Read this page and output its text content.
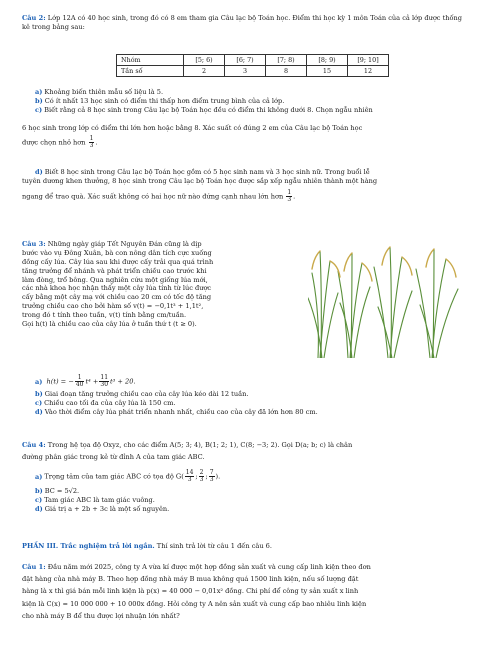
Câu 2: Lớp 12A có 40 học sinh, trong đó có 8 em tham gia Câu lạc bộ Toán học. Điểm thi học kỳ 1 môn Toán của cả lớp được thống kê trong bảng sau:

Nhóm	[5; 6)	[6; 7)	[7; 8)	[8; 9)	[9; 10]
Tần số	2	3	8	15	12

a) Khoảng biến thiên mẫu số liệu là 5.

b) Có ít nhất 13 học sinh có điểm thi thấp hơn điểm trung bình của cả lớp.

c) Biết rằng cả 8 học sinh trong Câu lạc bộ Toán học đều có điểm thi không dưới 8. Chọn ngẫu nhiên

6 học sinh trong lớp có điểm thi lớn hơn hoặc bằng 8. Xác suất có đúng 2 em của Câu lạc bộ Toán học

được chọn nhỏ hơn $\frac{1}{3}$ .

d) Biết 8 học sinh trong Câu lạc bộ Toán học gồm có 5 học sinh nam và 3 học sinh nữ. Trong buổi lễ

tuyên dương khen thưởng, 8 học sinh trong Câu lạc bộ Toán học được sắp xếp ngẫu nhiên thành một hàng

ngang để trao quà. Xác suất không có hai học nữ nào đứng cạnh nhau lớn hơn $\frac{1}{3}$ .

Câu 3: Những ngày giáp Tết Nguyên Đán cũng là dịp

bước vào vụ Đông Xuân, bà con nông dân tích cực xuống

đồng cấy lúa. Cây lúa sau khi được cấy trải qua quá trình

tăng trưởng để nhánh và phát triển chiều cao trước khi

làm đòng, trổ bông. Qua nghiên cứu một giống lúa mới,

các nhà khoa học nhận thấy một cây lúa tính từ lúc được

cấy bằng một cây mạ với chiều cao 20 cm có tốc độ tăng

trưởng chiều cao cho bởi hàm số v(t) = −0,1t³ + 1,1t²,

trong đó t tính theo tuần, v(t) tính bằng cm/tuần.

Gọi h(t) là chiều cao của cây lúa ở tuần thứ t (t ≥ 0).

a) h(t) = − $\frac{1}{40} t^4 + \frac{11}{30} t^3 + 20$.

b) Giai đoạn tăng trưởng chiều cao của cây lúa kéo dài 12 tuần.

c) Chiều cao tối đa của cây lúa là 150 cm.

d) Vào thời điểm cây lúa phát triển nhanh nhất, chiều cao của cây đã lớn hơn 80 cm.

Câu 4: Trong hệ tọa độ Oxyz, cho các điểm A(5; 3; 4), B(1; 2; 1), C(8; −3; 2). Gọi D(a; b; c) là chân

đường phân giác trong kẻ từ đỉnh A của tam giác ABC.

a) Trọng tâm của tam giác ABC có tọa độ $G( \frac{14}{3}$ ; $\frac{2}{3}$ ; $\frac{7}{3}$ ).

b) BC = 5√2.

c) Tam giác ABC là tam giác vuông.

d) Giá trị a + 2b + 3c là một số nguyên.

PHẦN III. Trắc nghiệm trả lời ngắn. Thí sinh trả lời từ câu 1 đến câu 6.

Câu 1: Đầu năm mới 2025, công ty A vừa kí được một hợp đồng sản xuất và cung cấp linh kiện theo đơn

đặt hàng của nhà máy B. Theo hợp đồng nhà máy B mua không quá 1500 linh kiện, nếu số lượng đặt

hàng là x thì giá bán mỗi linh kiện là p(x) = 40 000 − 0,01x² đồng. Chi phí để công ty sản xuất x linh

kiện là C(x) = 10 000 000 + 10 000x đồng. Hỏi công ty A nên sản xuất và cung cấp bao nhiêu linh kiện

cho nhà máy B để thu được lợi nhuận lớn nhất?
